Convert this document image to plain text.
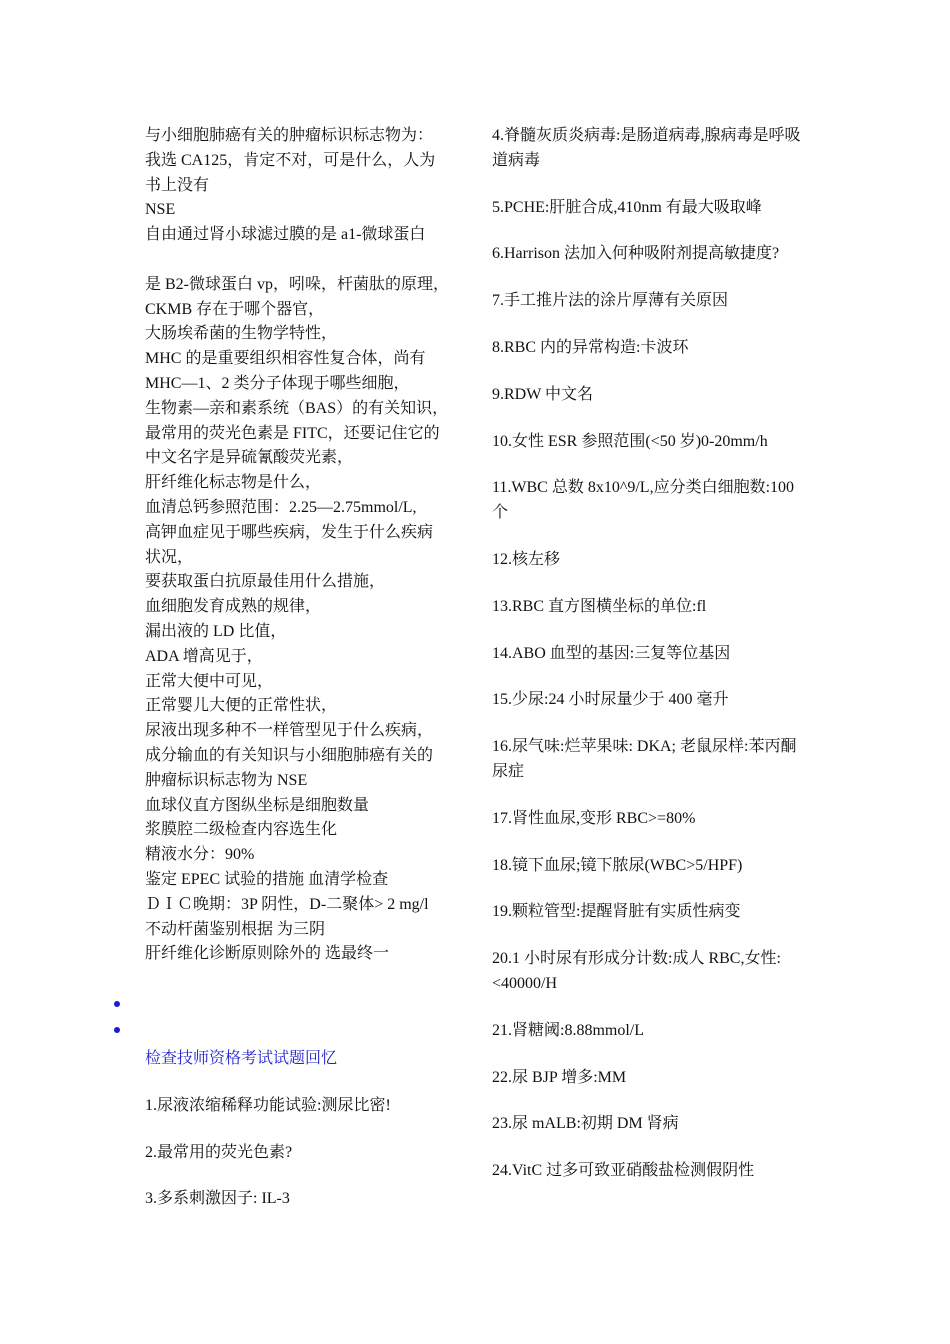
与小细胞肺癌有关的肿瘤标识标志物为：

我选 CA125，肯定不对，可是什么，人为

书上没有

NSE

自由通过肾小球滤过膜的是 a1-微球蛋白

是 B2-微球蛋白 vp，吲哚，杆菌肽的原理，

CKMB 存在于哪个器官，

大肠埃希菌的生物学特性，

MHC 的是重要组织相容性复合体，尚有

MHC—1、2 类分子体现于哪些细胞，

生物素—亲和素系统（BAS）的有关知识，

最常用的荧光色素是 FITC，还要记住它的

中文名字是异硫氰酸荧光素，

肝纤维化标志物是什么，

血清总钙参照范围：2.25—2.75mmol/L,

高钾血症见于哪些疾病，发生于什么疾病

状况，

要获取蛋白抗原最佳用什么措施，

血细胞发育成熟的规律，

漏出液的 LD 比值，

ADA 增高见于，

正常大便中可见，

正常婴儿大便的正常性状，

尿液出现多种不一样管型见于什么疾病，

成分输血的有关知识与小细胞肺癌有关的

肿瘤标识标志物为 NSE

血球仪直方图纵坐标是细胞数量

浆膜腔二级检查内容选生化

精液水分：90%

鉴定 EPEC 试验的措施 血清学检查

ＤＩＣ晚期：3P 阴性，D-二聚体> 2 mg/l

不动杆菌鉴别根据 为三阴

肝纤维化诊断原则除外的 选最终一

检查技师资格考试试题回忆

1.尿液浓缩稀释功能试验:测尿比密!

2.最常用的荧光色素?

3.多系刺激因子: IL-3

4.脊髓灰质炎病毒:是肠道病毒,腺病毒是呼吸道病毒

5.PCHE:肝脏合成,410nm 有最大吸取峰

6.Harrison 法加入何种吸附剂提高敏捷度?

7.手工推片法的涂片厚薄有关原因

8.RBC 内的异常构造:卡波环

9.RDW 中文名

10.女性 ESR 参照范围(<50 岁)0-20mm/h

11.WBC 总数 8x10^9/L,应分类白细胞数:100 个

12.核左移

13.RBC 直方图横坐标的单位:fl

14.ABO 血型的基因:三复等位基因

15.少尿:24 小时尿量少于 400 毫升

16.尿气味:烂苹果味: DKA; 老鼠尿样:苯丙酮尿症

17.肾性血尿,变形 RBC>=80%

18.镜下血尿;镜下脓尿(WBC>5/HPF)

19.颗粒管型:提醒肾脏有实质性病变

20.1 小时尿有形成分计数:成人 RBC,女性:<40000/H

21.肾糖阈:8.88mmol/L

22.尿 BJP 增多:MM

23.尿 mALB:初期 DM 肾病

24.VitC 过多可致亚硝酸盐检测假阴性
